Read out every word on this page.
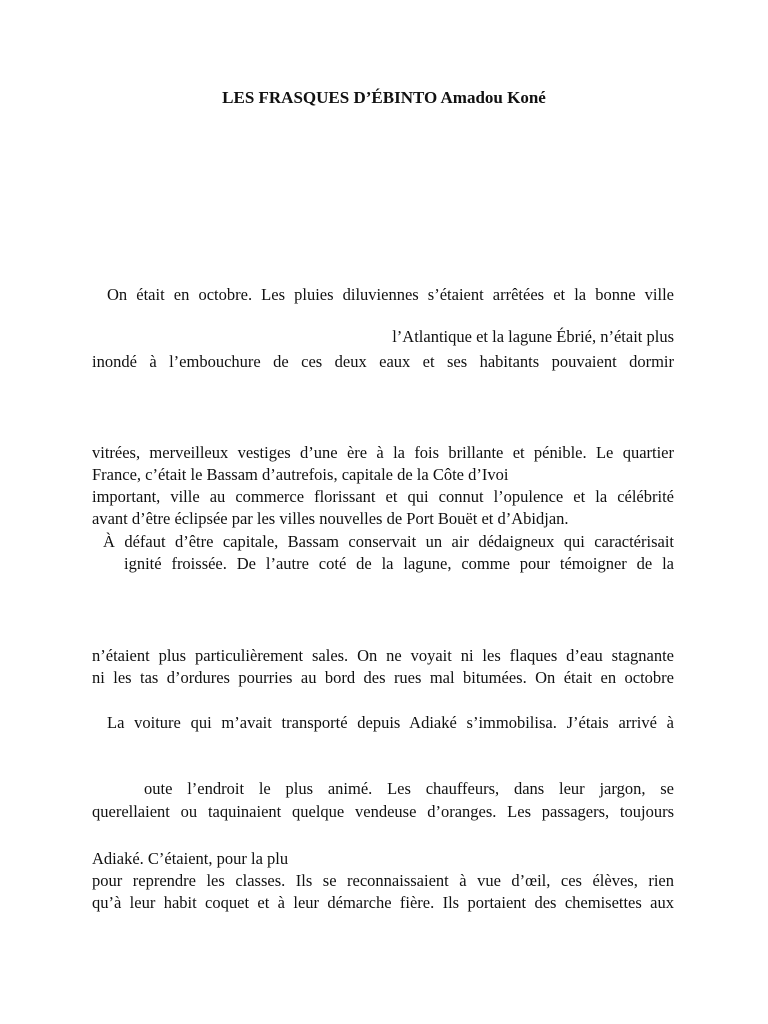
LES FRASQUES D’ÉBINTO Amadou Koné

On était en octobre. Les pluies diluviennes s’étaient arrêtées et la bonne ville

l’Atlantique et la lagune Ébrié, n’était plus

inondé à l’embouchure de ces deux eaux et ses habitants pouvaient dormir

vitrées, merveilleux vestiges d’une ère à la fois brillante et pénible. Le quartier

France, c’était le Bassam d’autrefois, capitale de la Côte d’Ivoi

important, ville au commerce florissant et qui connut l’opulence et la célébrité

avant d’être éclipsée par les villes nouvelles de Port Bouët et d’Abidjan.

À défaut d’être capitale, Bassam conservait un air dédaigneux qui caractérisait

ignité froissée. De l’autre coté de la lagune, comme pour témoigner de la

n’étaient plus particulièrement sales. On ne voyait ni les flaques d’eau stagnante

ni les tas d’ordures pourries au bord des rues mal bitumées. On était en octobre

La voiture qui m’avait transporté depuis Adiaké s’immobilisa. J’étais arrivé à

oute l’endroit le plus animé. Les chauffeurs, dans leur jargon, se

querellaient ou taquinaient quelque vendeuse d’oranges. Les passagers, toujours

Adiaké. C’étaient, pour la plu

pour reprendre les classes. Ils se reconnaissaient à vue d’œil, ces élèves, rien

qu’à leur habit coquet et à leur démarche fière. Ils portaient des chemisettes aux
